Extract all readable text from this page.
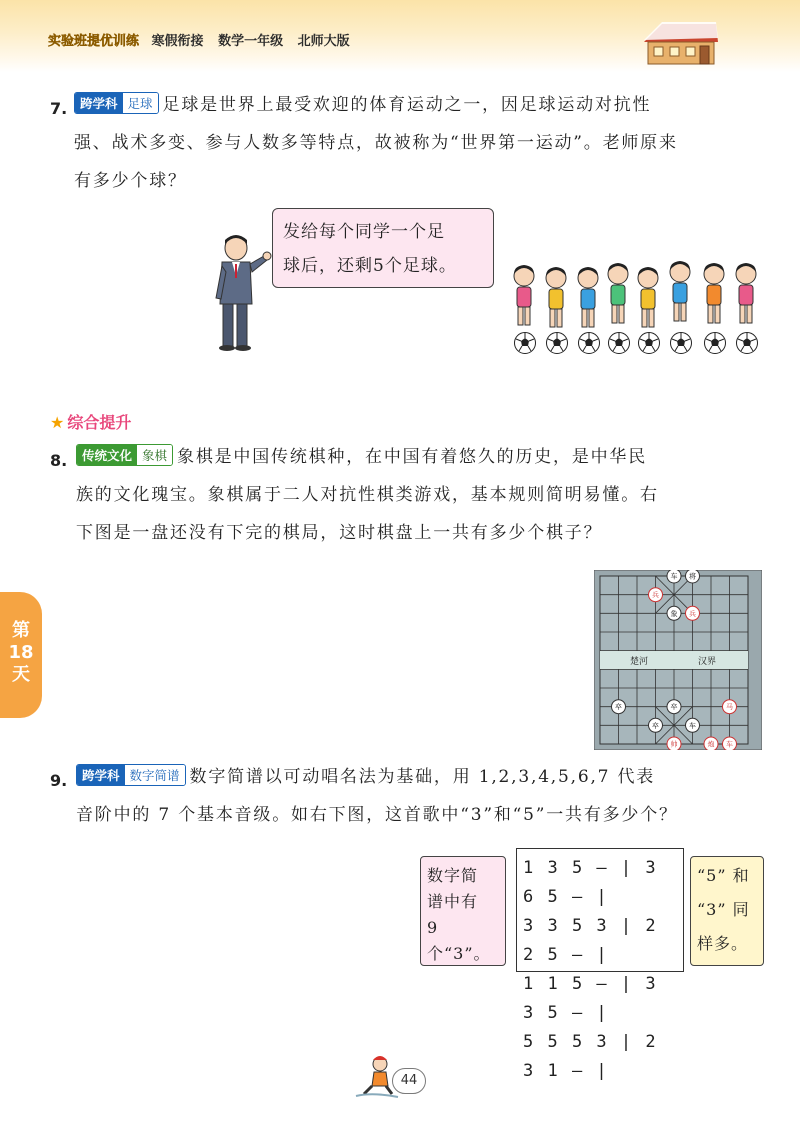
实验班提优训练 寒假衔接 数学一年级 北师大版
第
18
天
7.	跨学科 足球 足球是世界上最受欢迎的体育运动之一，因足球运动对抗性
强、战术多变、参与人数多等特点，故被称为“世界第一运动”。老师原来
有多少个球？
发给每个同学一个足
球后，还剩5个足球。
★ 综合提升
8.	传统文化 象棋 象棋是中国传统棋种，在中国有着悠久的历史，是中华民
族的文化瑰宝。象棋属于二人对抗性棋类游戏，基本规则简明易懂。右
下图是一盘还没有下完的棋局，这时棋盘上一共有多少个棋子？
楚河	汉界
车 将
兵
象 兵
卒	卒	马
卒	车
帅	炮 车
9.	跨学科 数字简谱 数字简谱以可动唱名法为基础，用 1,2,3,4,5,6,7 代表
音阶中的 7 个基本音级。如右下图，这首歌中“3”和“5”一共有多少个？
数字简
谱中有
9个“3”。
1 3 5 – | 3 6 5 – |
3 3 5 3 | 2 2 5 – |
1 1 5 – | 3 3 5 – |
5 5 5 3 | 2 3 1 – |
“5” 和
“3” 同
样多。
44
